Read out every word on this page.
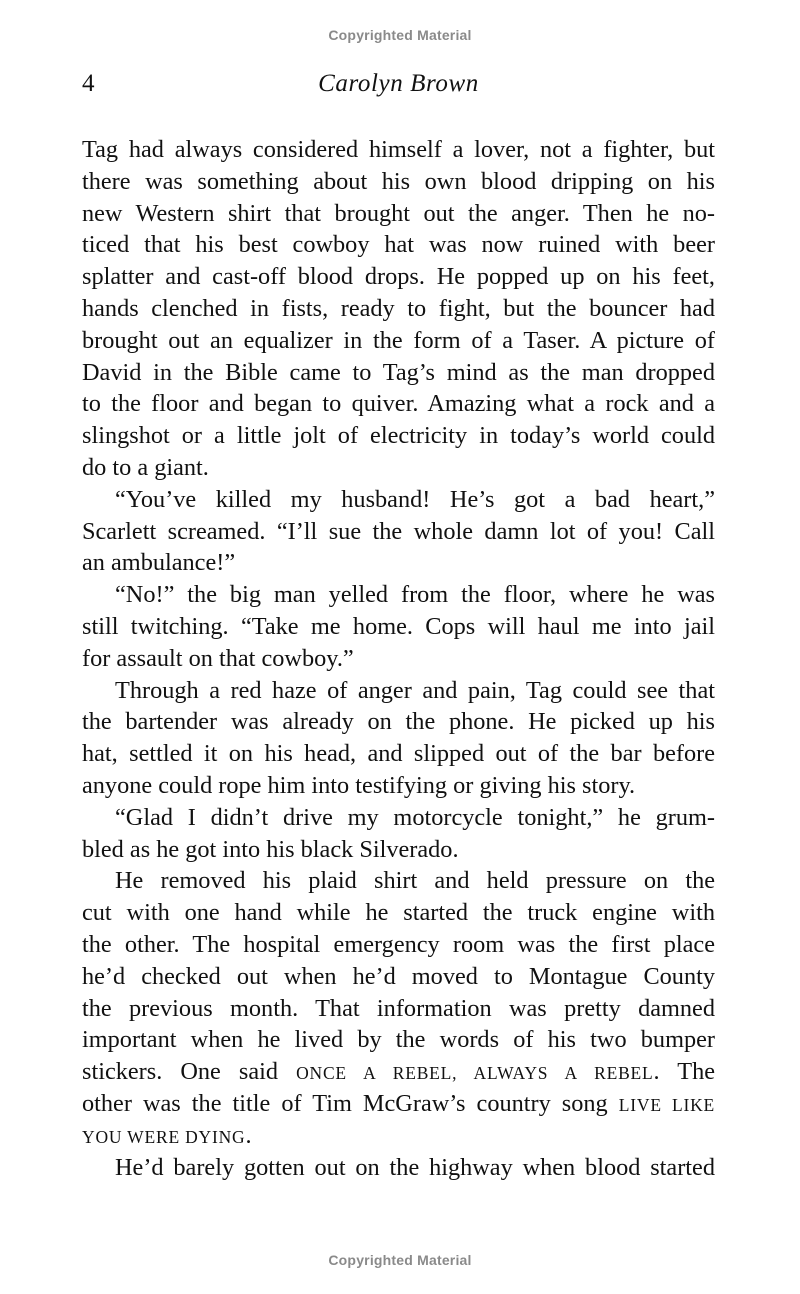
Copyrighted Material
4	Carolyn Brown
Tag had always considered himself a lover, not a fighter, but
there was something about his own blood dripping on his
new Western shirt that brought out the anger. Then he no-
ticed that his best cowboy hat was now ruined with beer
splatter and cast-off blood drops. He popped up on his feet,
hands clenched in fists, ready to fight, but the bouncer had
brought out an equalizer in the form of a Taser. A picture of
David in the Bible came to Tag’s mind as the man dropped
to the floor and began to quiver. Amazing what a rock and a
slingshot or a little jolt of electricity in today’s world could
do to a giant.
“You’ve killed my husband! He’s got a bad heart,”
Scarlett screamed. “I’ll sue the whole damn lot of you! Call
an ambulance!”
“No!” the big man yelled from the floor, where he was
still twitching. “Take me home. Cops will haul me into jail
for assault on that cowboy.”
Through a red haze of anger and pain, Tag could see that
the bartender was already on the phone. He picked up his
hat, settled it on his head, and slipped out of the bar before
anyone could rope him into testifying or giving his story.
“Glad I didn’t drive my motorcycle tonight,” he grum-
bled as he got into his black Silverado.
He removed his plaid shirt and held pressure on the
cut with one hand while he started the truck engine with
the other. The hospital emergency room was the first place
he’d checked out when he’d moved to Montague County
the previous month. That information was pretty damned
important when he lived by the words of his two bumper
stickers. One said ONCE A REBEL, ALWAYS A REBEL. The
other was the title of Tim McGraw’s country song LIVE LIKE
YOU WERE DYING.
He’d barely gotten out on the highway when blood started
Copyrighted Material
